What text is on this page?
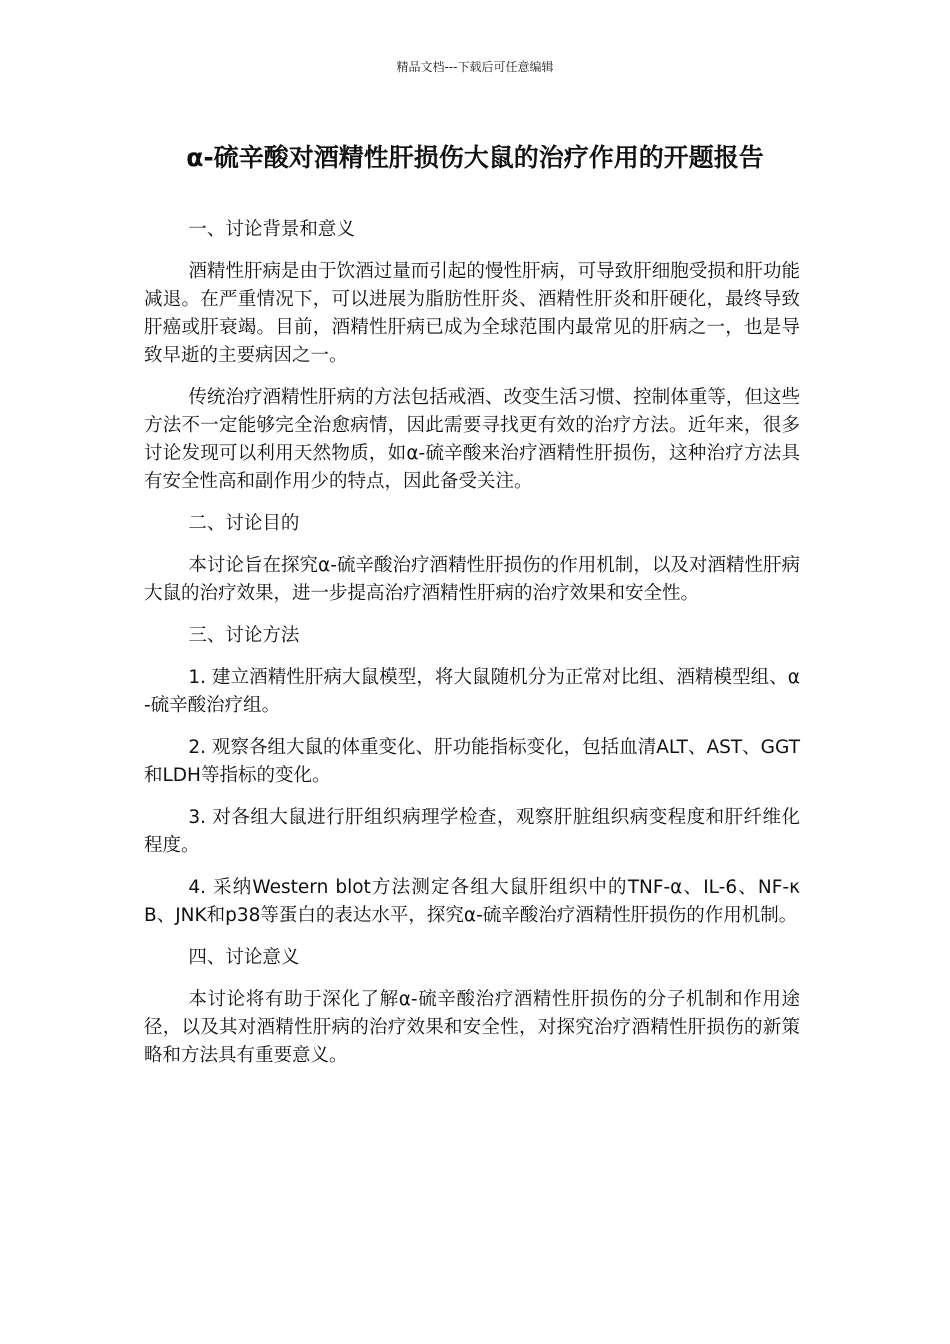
精品文档---下载后可任意编辑
α-硫辛酸对酒精性肝损伤大鼠的治疗作用的开题报告
一、讨论背景和意义

酒精性肝病是由于饮酒过量而引起的慢性肝病，可导致肝细胞受损和肝功能减退。在严重情况下，可以进展为脂肪性肝炎、酒精性肝炎和肝硬化，最终导致肝癌或肝衰竭。目前，酒精性肝病已成为全球范围内最常见的肝病之一，也是导致早逝的主要病因之一。

传统治疗酒精性肝病的方法包括戒酒、改变生活习惯、控制体重等，但这些方法不一定能够完全治愈病情，因此需要寻找更有效的治疗方法。近年来，很多讨论发现可以利用天然物质，如α-硫辛酸来治疗酒精性肝损伤，这种治疗方法具有安全性高和副作用少的特点，因此备受关注。

二、讨论目的

本讨论旨在探究α-硫辛酸治疗酒精性肝损伤的作用机制，以及对酒精性肝病大鼠的治疗效果，进一步提高治疗酒精性肝病的治疗效果和安全性。

三、讨论方法

1. 建立酒精性肝病大鼠模型，将大鼠随机分为正常对比组、酒精模型组、α-硫辛酸治疗组。

2. 观察各组大鼠的体重变化、肝功能指标变化，包括血清ALT、AST、GGT和LDH等指标的变化。

3. 对各组大鼠进行肝组织病理学检查，观察肝脏组织病变程度和肝纤维化程度。

4. 采纳Western blot方法测定各组大鼠肝组织中的TNF-α、IL-6、NF-κB、JNK和p38等蛋白的表达水平，探究α-硫辛酸治疗酒精性肝损伤的作用机制。

四、讨论意义

本讨论将有助于深化了解α-硫辛酸治疗酒精性肝损伤的分子机制和作用途径，以及其对酒精性肝病的治疗效果和安全性，对探究治疗酒精性肝损伤的新策略和方法具有重要意义。
